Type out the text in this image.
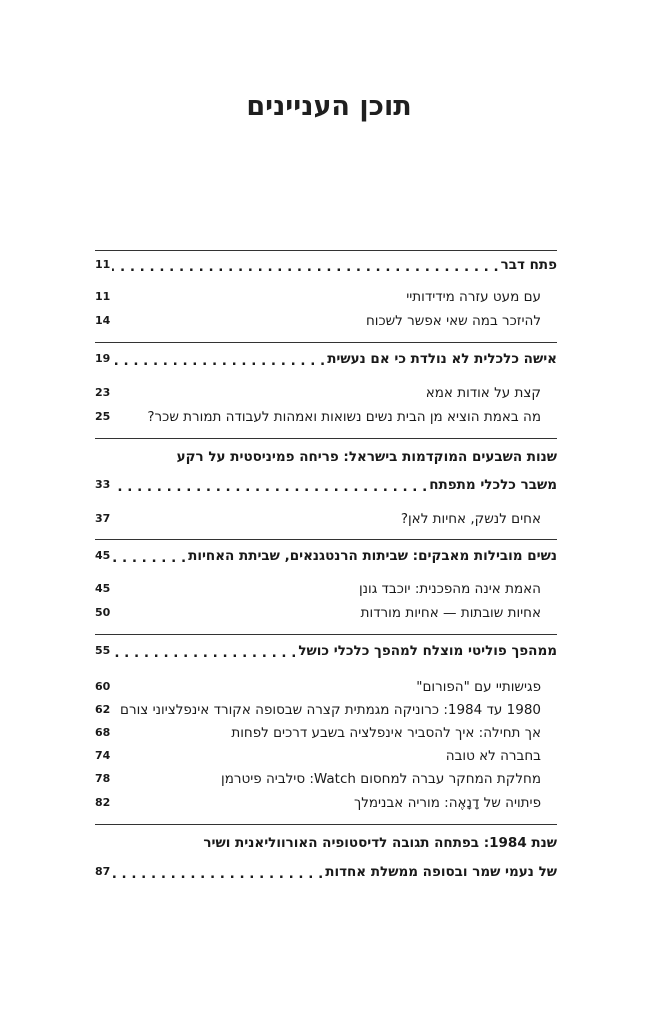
תוכן העניינים
פתח דבר
. . .
11
עם מעט עזרה מידידותיי
11
להיזכר במה שאי אפשר לשכוח
14
אישה כלכלית לא נולדת כי אם נעשית
. . .
19
קצת על אודות אמא
23
מה באמת הוציא מן הבית נשים נשואות ואמהות לעבודה תמורת שכר?
25
שנות השבעים המוקדמות בישראל: פריחה פמיניסטית על רקע
משבר כלכלי מתפתח
. . .
33
אחים לנשק, אחיות לאן?
37
נשים מובילות מאבקים: שביתות הרנטגנאים, שביתת האחיות
. . .
45
האמת אינה מהפכנית: יוכבד גונן
45
אחיות שובתות — אחיות מורדות
50
ממהפך פוליטי מוצלח למהפך כלכלי כושל
. . .
55
פגישותיי עם "הפורום"
60
1980 עד 1984: כרוניקה מגמתית קצרה שבסופה אקורד אינפלציוני צורם
62
אך תחילה: איך להסביר אינפלציה בשבע דרכים לפחות
68
בחברה לא טובה
74
מחלקת המחקר עברה למחסום Watch: סילביה פיטרמן
78
פיתויה של דָנָאֶה: מוריה אבנימלך
82
שנת 1984: בפתחה תגובה לדיסטופיה האורווליאנית ושיר
של נעמי שמר ובסופה ממשלת אחדות
. . .
87
